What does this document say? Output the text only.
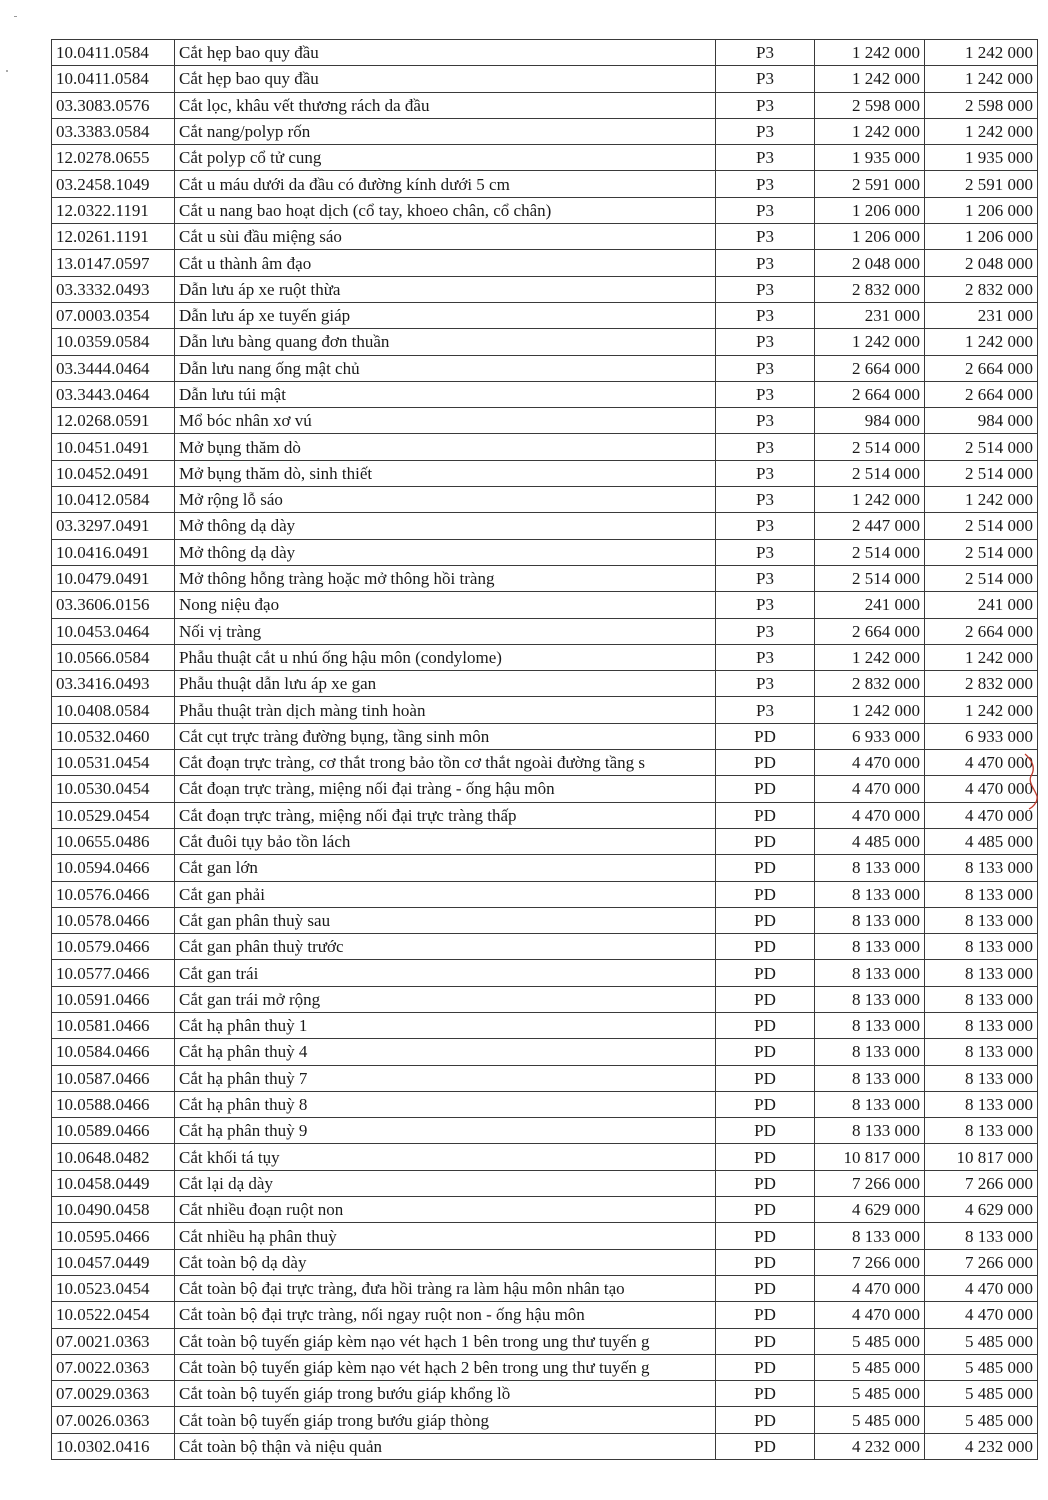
10.0411.0584	Cắt hẹp bao quy đầu	P3	1 242 000	1 242 000
10.0411.0584	Cắt hẹp bao quy đầu	P3	1 242 000	1 242 000
03.3083.0576	Cắt lọc, khâu vết thương rách da đầu	P3	2 598 000	2 598 000
03.3383.0584	Cắt nang/polyp rốn	P3	1 242 000	1 242 000
12.0278.0655	Cắt polyp cổ tử cung	P3	1 935 000	1 935 000
03.2458.1049	Cắt u máu dưới da đầu có đường kính dưới 5 cm	P3	2 591 000	2 591 000
12.0322.1191	Cắt u nang bao hoạt dịch (cổ tay, khoeo chân, cổ chân)	P3	1 206 000	1 206 000
12.0261.1191	Cắt u sùi đầu miệng sáo	P3	1 206 000	1 206 000
13.0147.0597	Cắt u thành âm đạo	P3	2 048 000	2 048 000
03.3332.0493	Dẫn lưu áp xe ruột thừa	P3	2 832 000	2 832 000
07.0003.0354	Dẫn lưu áp xe tuyến giáp	P3	231 000	231 000
10.0359.0584	Dẫn lưu bàng quang đơn thuần	P3	1 242 000	1 242 000
03.3444.0464	Dẫn lưu nang ống mật chủ	P3	2 664 000	2 664 000
03.3443.0464	Dẫn lưu túi mật	P3	2 664 000	2 664 000
12.0268.0591	Mổ bóc nhân xơ vú	P3	984 000	984 000
10.0451.0491	Mở bụng thăm dò	P3	2 514 000	2 514 000
10.0452.0491	Mở bụng thăm dò, sinh thiết	P3	2 514 000	2 514 000
10.0412.0584	Mở rộng lỗ sáo	P3	1 242 000	1 242 000
03.3297.0491	Mở thông dạ dày	P3	2 447 000	2 514 000
10.0416.0491	Mở thông dạ dày	P3	2 514 000	2 514 000
10.0479.0491	Mở thông hỗng tràng hoặc mở thông hồi tràng	P3	2 514 000	2 514 000
03.3606.0156	Nong niệu đạo	P3	241 000	241 000
10.0453.0464	Nối vị tràng	P3	2 664 000	2 664 000
10.0566.0584	Phẫu thuật cắt u nhú ống hậu môn (condylome)	P3	1 242 000	1 242 000
03.3416.0493	Phẫu thuật dẫn lưu áp xe gan	P3	2 832 000	2 832 000
10.0408.0584	Phẫu thuật tràn dịch màng tinh hoàn	P3	1 242 000	1 242 000
10.0532.0460	Cắt cụt trực tràng đường bụng, tầng sinh môn	PD	6 933 000	6 933 000
10.0531.0454	Cắt đoạn trực tràng, cơ thắt trong bảo tồn cơ thắt ngoài đường tầng s	PD	4 470 000	4 470 000
10.0530.0454	Cắt đoạn trực tràng, miệng nối đại tràng - ống hậu môn	PD	4 470 000	4 470 000
10.0529.0454	Cắt đoạn trực tràng, miệng nối đại trực tràng thấp	PD	4 470 000	4 470 000
10.0655.0486	Cắt đuôi tụy bảo tồn lách	PD	4 485 000	4 485 000
10.0594.0466	Cắt gan lớn	PD	8 133 000	8 133 000
10.0576.0466	Cắt gan phải	PD	8 133 000	8 133 000
10.0578.0466	Cắt gan phân thuỳ sau	PD	8 133 000	8 133 000
10.0579.0466	Cắt gan phân thuỳ trước	PD	8 133 000	8 133 000
10.0577.0466	Cắt gan trái	PD	8 133 000	8 133 000
10.0591.0466	Cắt gan trái mở rộng	PD	8 133 000	8 133 000
10.0581.0466	Cắt hạ phân thuỳ 1	PD	8 133 000	8 133 000
10.0584.0466	Cắt hạ phân thuỳ 4	PD	8 133 000	8 133 000
10.0587.0466	Cắt hạ phân thuỳ 7	PD	8 133 000	8 133 000
10.0588.0466	Cắt hạ phân thuỳ 8	PD	8 133 000	8 133 000
10.0589.0466	Cắt hạ phân thuỳ 9	PD	8 133 000	8 133 000
10.0648.0482	Cắt khối tá tụy	PD	10 817 000	10 817 000
10.0458.0449	Cắt lại dạ dày	PD	7 266 000	7 266 000
10.0490.0458	Cắt nhiều đoạn ruột non	PD	4 629 000	4 629 000
10.0595.0466	Cắt nhiều hạ phân thuỳ	PD	8 133 000	8 133 000
10.0457.0449	Cắt toàn bộ dạ dày	PD	7 266 000	7 266 000
10.0523.0454	Cắt toàn bộ đại trực tràng, đưa hồi tràng ra làm hậu môn nhân tạo	PD	4 470 000	4 470 000
10.0522.0454	Cắt toàn bộ đại trực tràng, nối ngay ruột non - ống hậu môn	PD	4 470 000	4 470 000
07.0021.0363	Cắt toàn bộ tuyến giáp kèm nạo vét hạch 1 bên trong ung thư tuyến g	PD	5 485 000	5 485 000
07.0022.0363	Cắt toàn bộ tuyến giáp kèm nạo vét hạch 2 bên trong ung thư tuyến g	PD	5 485 000	5 485 000
07.0029.0363	Cắt toàn bộ tuyến giáp trong bướu giáp khổng lồ	PD	5 485 000	5 485 000
07.0026.0363	Cắt toàn bộ tuyến giáp trong bướu giáp thòng	PD	5 485 000	5 485 000
10.0302.0416	Cắt toàn bộ thận và niệu quản	PD	4 232 000	4 232 000
